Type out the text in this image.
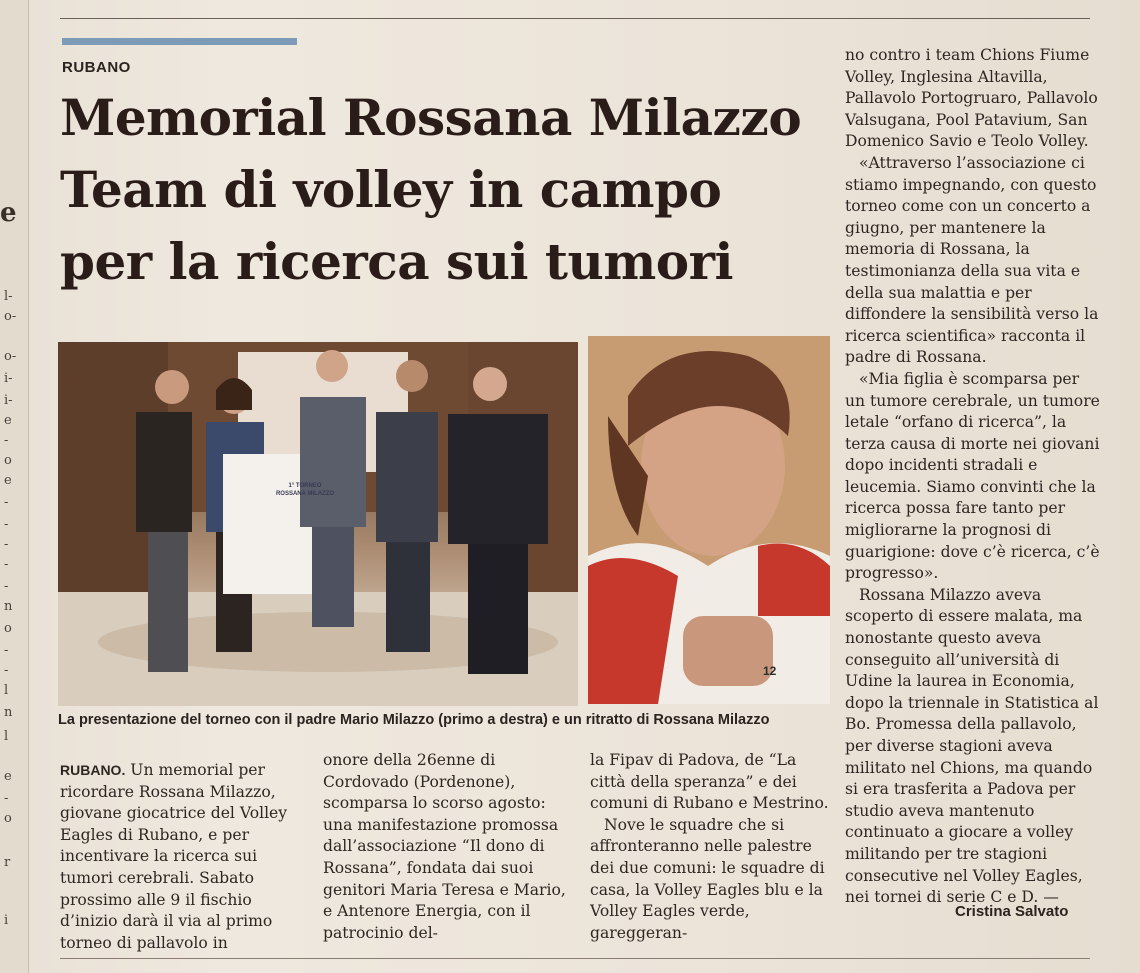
e
l-
o-
o-
i-
i-
e
-
o
e
-
-
-
-
-
n
o
-
-
l
n
l
e
-
o
r
i
RUBANO
Memorial Rossana Milazzo
Team di volley in campo
per la ricerca sui tumori
1° TORNEO
ROSSANA MILAZZO
12
La presentazione del torneo con il padre Mario Milazzo (primo a destra) e un ritratto di Rossana Milazzo

RUBANO. Un memorial per ricordare Rossana Milazzo, giovane giocatrice del Volley Eagles di Rubano, e per incentivare la ricerca sui tumori cerebrali. Sabato prossimo alle 9 il fischio d’inizio darà il via al primo torneo di pallavolo in

onore della 26enne di Cordovado (Pordenone), scomparsa lo scorso agosto: una manifestazione promossa dall’associazione “Il dono di Rossana”, fondata dai suoi genitori Maria Teresa e Mario, e Antenore Energia, con il patrocinio del-

la Fipav di Padova, de “La città della speranza” e dei comuni di Rubano e Mestrino.

Nove le squadre che si affronteranno nelle palestre dei due comuni: le squadre di casa, la Volley Eagles blu e la Volley Eagles verde, gareggeran-

no contro i team Chions Fiume Volley, Inglesina Altavilla, Pallavolo Portogruaro, Pallavolo Valsugana, Pool Patavium, San Domenico Savio e Teolo Volley.

«Attraverso l’associazione ci stiamo impegnando, con questo torneo come con un concerto a giugno, per mantenere la memoria di Rossana, la testimonianza della sua vita e della sua malattia e per diffondere la sensibilità verso la ricerca scientifica» racconta il padre di Rossana.

«Mia figlia è scomparsa per un tumore cerebrale, un tumore letale “orfano di ricerca”, la terza causa di morte nei giovani dopo incidenti stradali e leucemia. Siamo convinti che la ricerca possa fare tanto per migliorarne la prognosi di guarigione: dove c’è ricerca, c’è progresso».

Rossana Milazzo aveva scoperto di essere malata, ma nonostante questo aveva conseguito all’università di Udine la laurea in Economia, dopo la triennale in Statistica al Bo. Promessa della pallavolo, per diverse stagioni aveva militato nel Chions, ma quando si era trasferita a Padova per studio aveva mantenuto continuato a giocare a volley militando per tre stagioni consecutive nel Volley Eagles, nei tornei di serie C e D. —

Cristina Salvato
